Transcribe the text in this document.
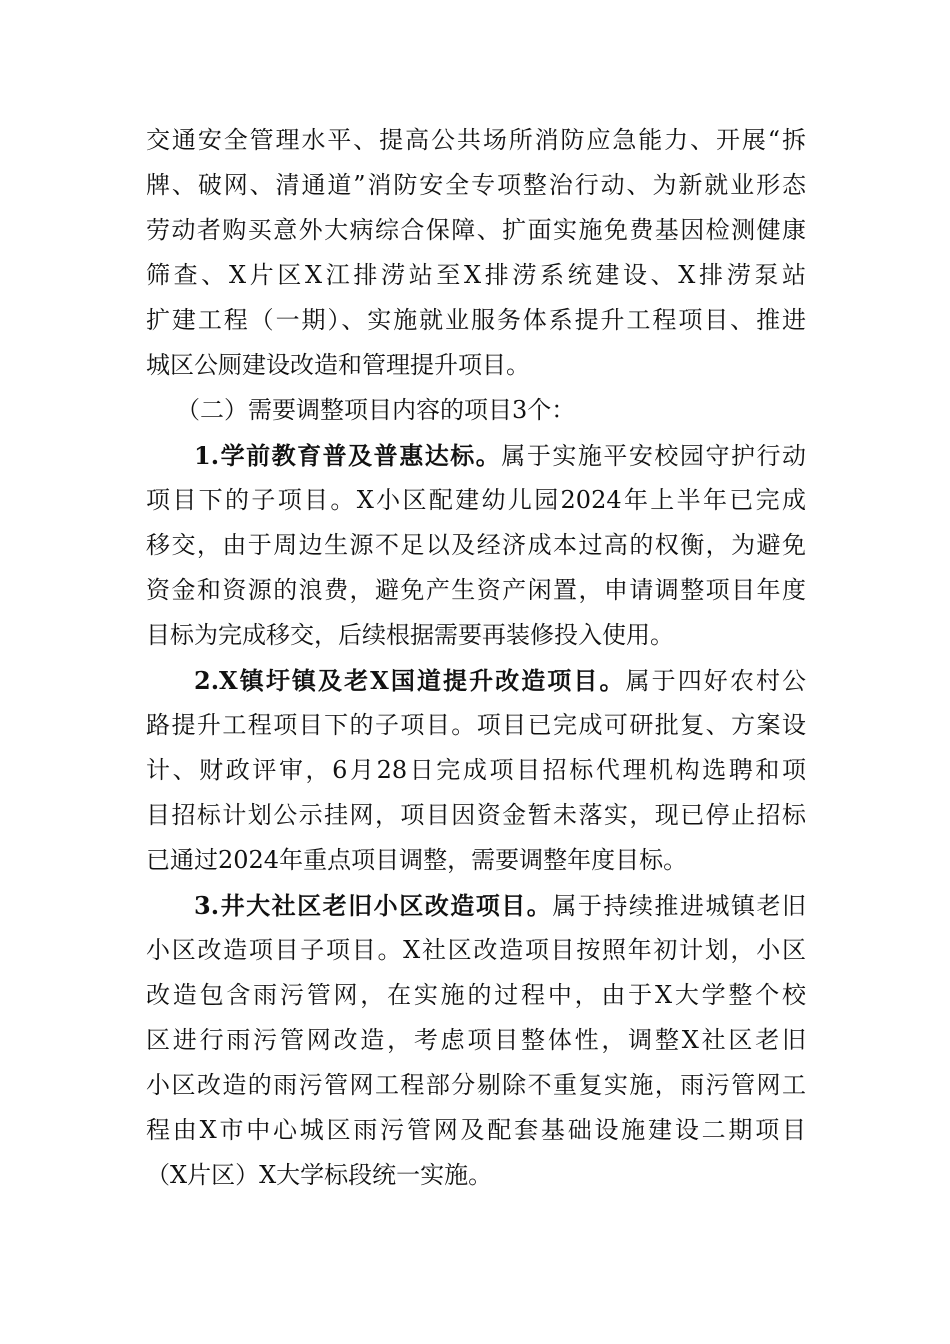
交通安全管理水平、提高公共场所消防应急能力、开展“拆
牌、破网、清通道”消防安全专项整治行动、为新就业形态
劳动者购买意外大病综合保障、扩面实施免费基因检测健康
筛查、X片区X江排涝站至X排涝系统建设、X排涝泵站
扩建工程（一期）、实施就业服务体系提升工程项目、推进
城区公厕建设改造和管理提升项目。
（二）需要调整项目内容的项目3个：
1.学前教育普及普惠达标。属于实施平安校园守护行动
项目下的子项目。X小区配建幼儿园2024年上半年已完成
移交，由于周边生源不足以及经济成本过高的权衡，为避免
资金和资源的浪费，避免产生资产闲置，申请调整项目年度
目标为完成移交，后续根据需要再装修投入使用。
2.X镇圩镇及老X国道提升改造项目。属于四好农村公
路提升工程项目下的子项目。项目已完成可研批复、方案设
计、财政评审，6月28日完成项目招标代理机构选聘和项
目招标计划公示挂网，项目因资金暂未落实，现已停止招标
已通过2024年重点项目调整，需要调整年度目标。
3.井大社区老旧小区改造项目。属于持续推进城镇老旧
小区改造项目子项目。X社区改造项目按照年初计划，小区
改造包含雨污管网，在实施的过程中，由于X大学整个校
区进行雨污管网改造，考虑项目整体性，调整X社区老旧
小区改造的雨污管网工程部分剔除不重复实施，雨污管网工
程由X市中心城区雨污管网及配套基础设施建设二期项目
（X片区）X大学标段统一实施。
